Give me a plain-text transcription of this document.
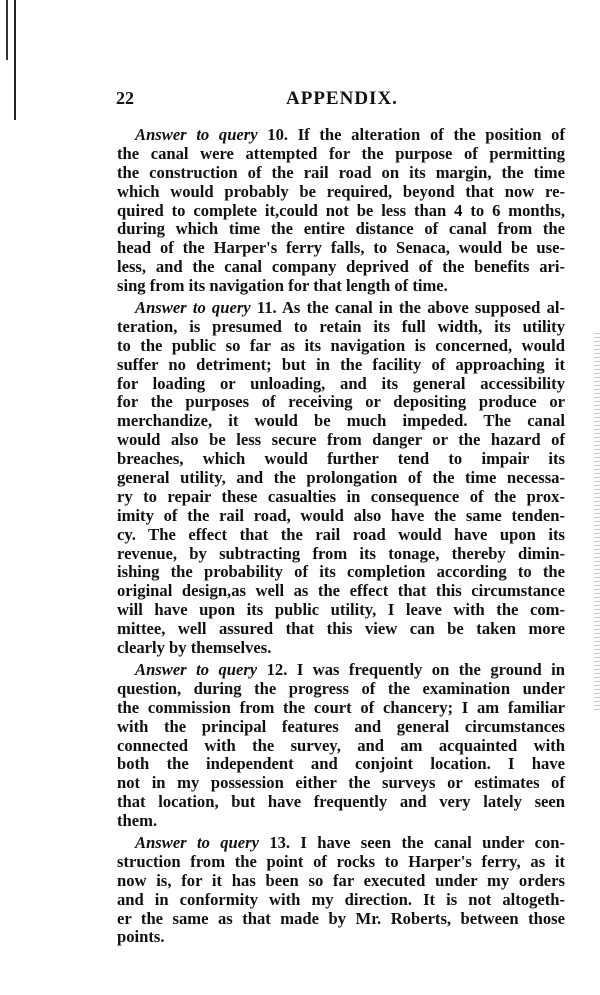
22	APPENDIX.
Answer to query 10. If the alteration of the position of
the canal were attempted for the purpose of permitting
the construction of the rail road on its margin, the time
which would probably be required, beyond that now re-
quired to complete it,could not be less than 4 to 6 months,
during which time the entire distance of canal from the
head of the Harper's ferry falls, to Senaca, would be use-
less, and the canal company deprived of the benefits ari-
sing from its navigation for that length of time.
Answer to query 11. As the canal in the above supposed al-
teration, is presumed to retain its full width, its utility
to the public so far as its navigation is concerned, would
suffer no detriment; but in the facility of approaching it
for loading or unloading, and its general accessibility
for the purposes of receiving or depositing produce or
merchandize, it would be much impeded. The canal
would also be less secure from danger or the hazard of
breaches, which would further tend to impair its
general utility, and the prolongation of the time necessa-
ry to repair these casualties in consequence of the prox-
imity of the rail road, would also have the same tenden-
cy. The effect that the rail road would have upon its
revenue, by subtracting from its tonage, thereby dimin-
ishing the probability of its completion according to the
original design,as well as the effect that this circumstance
will have upon its public utility, I leave with the com-
mittee, well assured that this view can be taken more
clearly by themselves.
Answer to query 12. I was frequently on the ground in
question, during the progress of the examination under
the commission from the court of chancery; I am familiar
with the principal features and general circumstances
connected with the survey, and am acquainted with
both the independent and conjoint location. I have
not in my possession either the surveys or estimates of
that location, but have frequently and very lately seen
them.
Answer to query 13. I have seen the canal under con-
struction from the point of rocks to Harper's ferry, as it
now is, for it has been so far executed under my orders
and in conformity with my direction. It is not altogeth-
er the same as that made by Mr. Roberts, between those
points.
